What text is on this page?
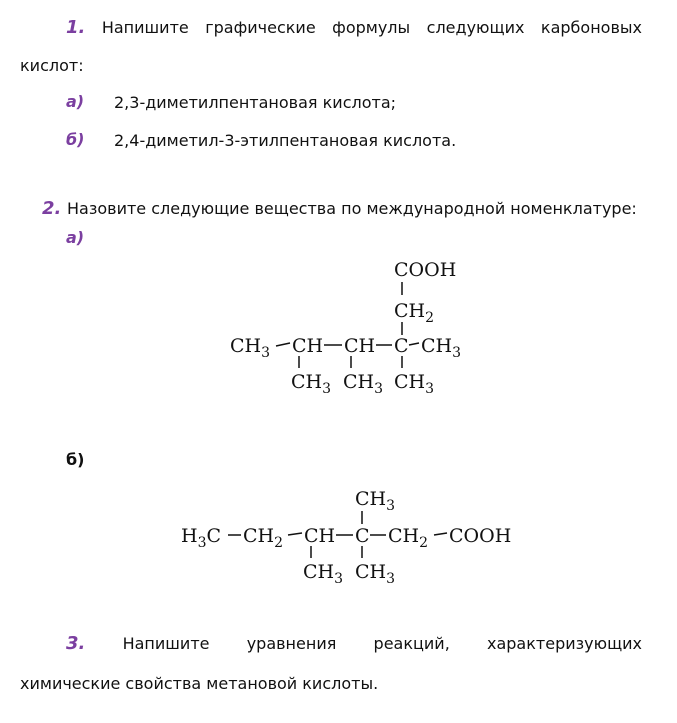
1. Напишите графические формулы следующих карбоновых
кислот:
а) 2,3-диметилпентановая кислота;
б) 2,4-диметил-3-этилпентановая кислота.
2. Назовите следующие вещества по международной номенклатуре:
а)
COOH
$CH_2$
$CH_3$ CH CH C $CH_3$
$CH_3$ $CH_3$ $CH_3$
б)
$CH_3$
$H_3C$ $CH_2$ CH C $CH_2$ COOH
$CH_3$ $CH_3$
3. Напишите уравнения реакций, характеризующих
химические свойства метановой кислоты.
